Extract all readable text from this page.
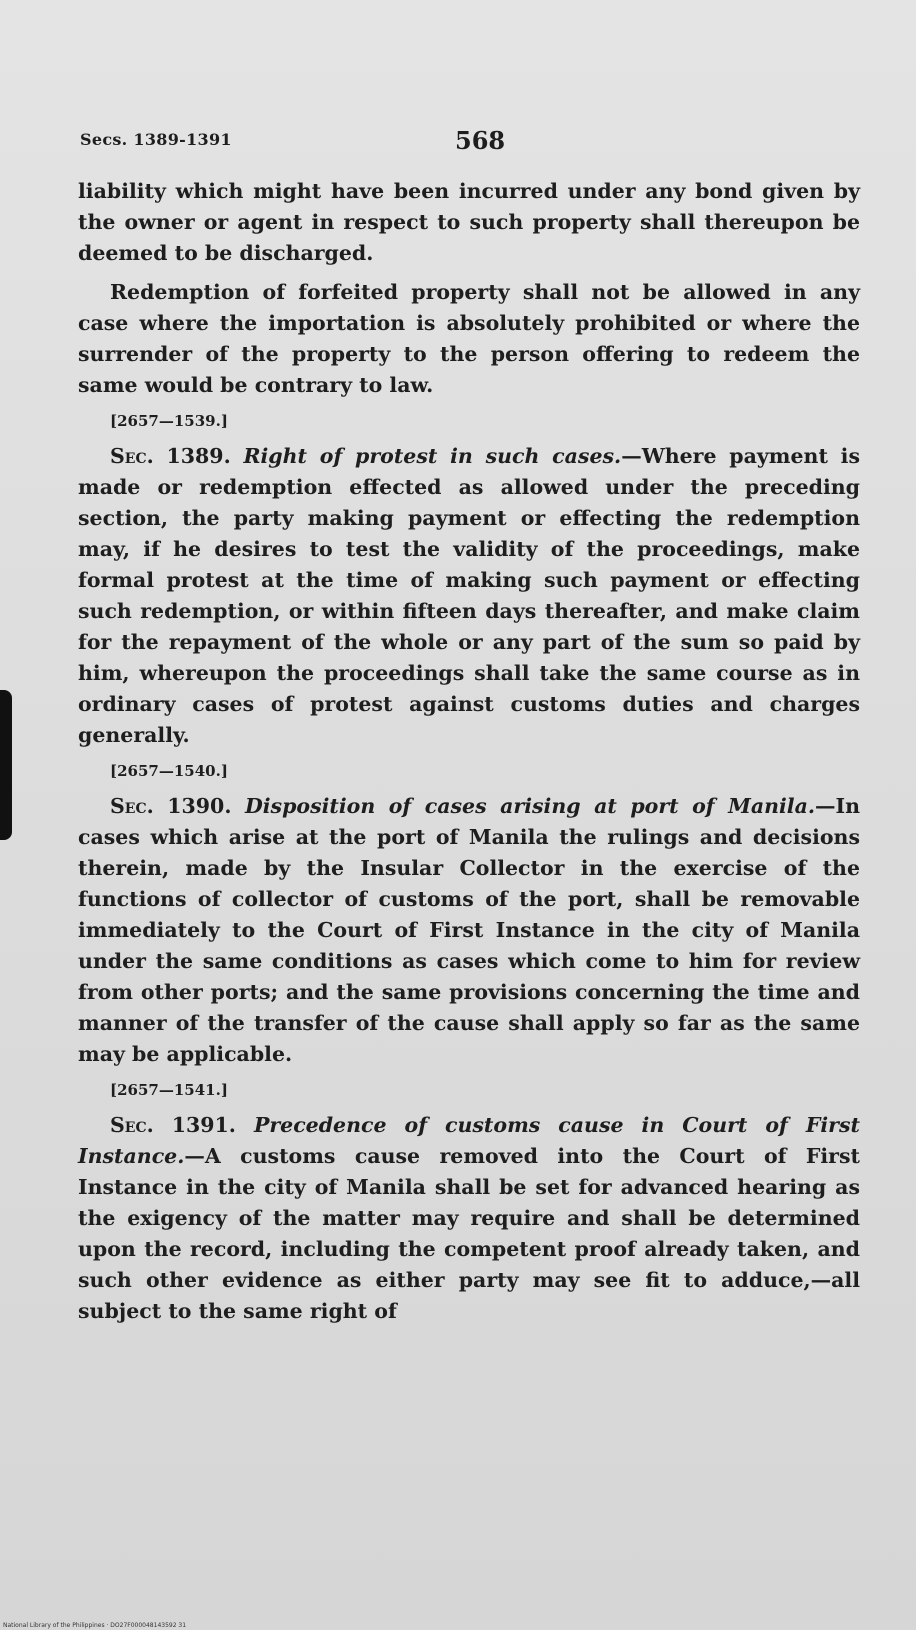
Secs. 1389-1391	568

liability which might have been incurred under any bond given by the owner or agent in respect to such property shall thereupon be deemed to be discharged.

Redemption of forfeited property shall not be allowed in any case where the importation is absolutely prohibited or where the surrender of the property to the person offering to redeem the same would be contrary to law.

[2657—1539.]

Sec. 1389. Right of protest in such cases.—Where payment is made or redemption effected as allowed under the preceding section, the party making payment or effecting the redemption may, if he desires to test the validity of the proceedings, make formal protest at the time of making such payment or effecting such redemption, or within fifteen days thereafter, and make claim for the repayment of the whole or any part of the sum so paid by him, whereupon the proceedings shall take the same course as in ordinary cases of protest against customs duties and charges generally.

[2657—1540.]

Sec. 1390. Disposition of cases arising at port of Manila.—In cases which arise at the port of Manila the rulings and decisions therein, made by the Insular Collector in the exercise of the functions of collector of customs of the port, shall be removable immediately to the Court of First Instance in the city of Manila under the same conditions as cases which come to him for review from other ports; and the same provisions concerning the time and manner of the transfer of the cause shall apply so far as the same may be applicable.

[2657—1541.]

Sec. 1391. Precedence of customs cause in Court of First Instance.—A customs cause removed into the Court of First Instance in the city of Manila shall be set for advanced hearing as the exigency of the matter may require and shall be determined upon the record, including the competent proof already taken, and such other evidence as either party may see fit to adduce,—all subject to the same right of

National Library of the Philippines · DO27F000048143592 31
